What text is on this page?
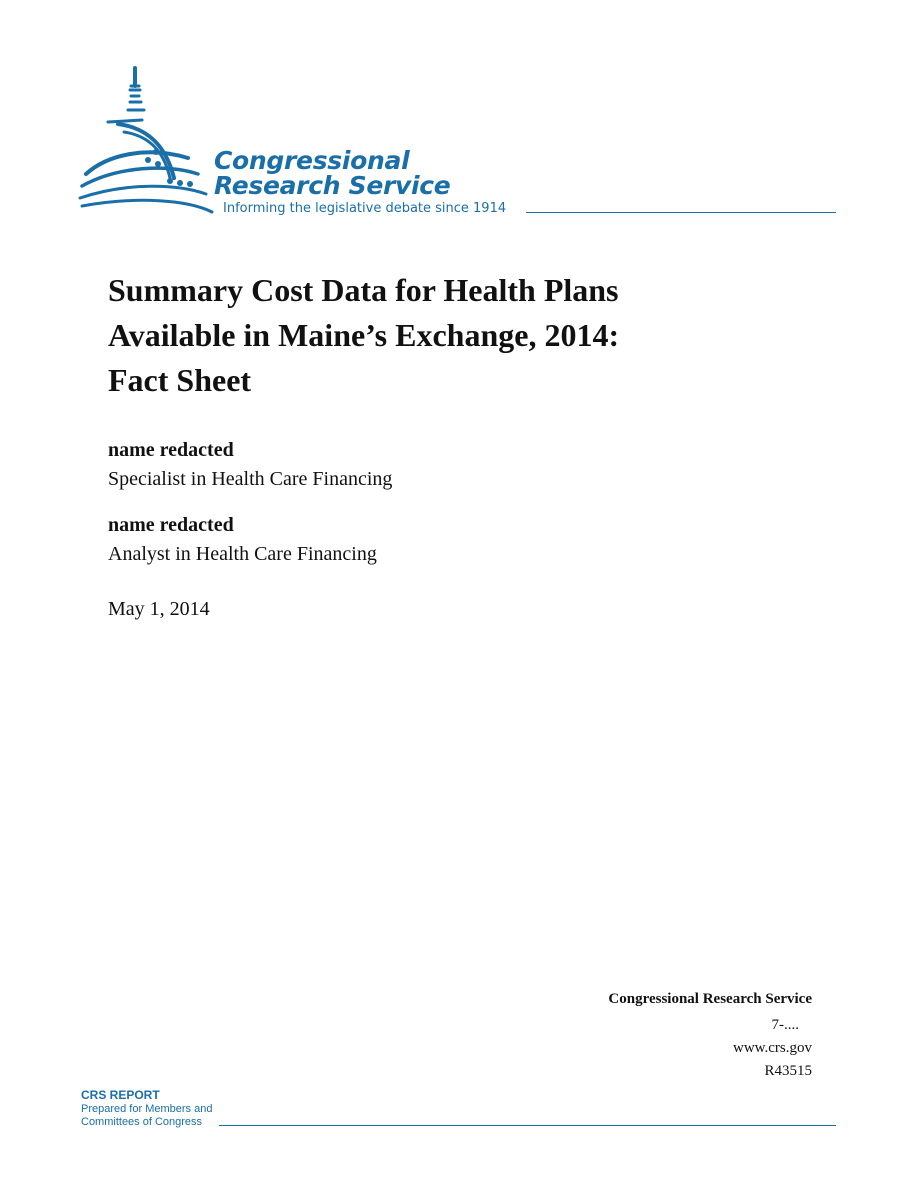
Congressional
Research Service
Informing the legislative debate since 1914
Summary Cost Data for Health Plans
Available in Maine’s Exchange, 2014:
Fact Sheet
name redacted
Specialist in Health Care Financing
name redacted
Analyst in Health Care Financing
May 1, 2014
Congressional Research Service
7-....
www.crs.gov
R43515
CRS REPORT
Prepared for Members and
Committees of Congress
